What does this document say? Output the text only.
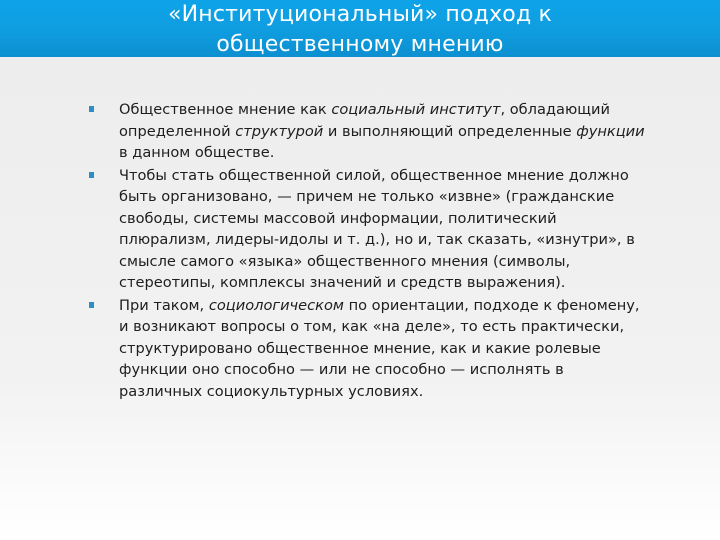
«Институциональный» подход к
общественному мнению
Общественное мнение как социальный институт, обладающий определенной структурой и выполняющий определенные функции в данном обществе.
Чтобы стать общественной силой, общественное мнение должно быть организовано, — причем не только «извне» (гражданские свободы, системы массовой информации, политический плюрализм, лидеры-идолы и т. д.), но и, так сказать, «изнутри», в смысле самого «языка» общественного мнения (символы, стереотипы, комплексы значений и средств выражения).
При таком, социологическом по ориентации, подходе к феномену, и возникают вопросы о том, как «на деле», то есть практически, структурировано общественное мнение, как и какие ролевые функции оно способно — или не способно — исполнять в различных социокультурных условиях.
